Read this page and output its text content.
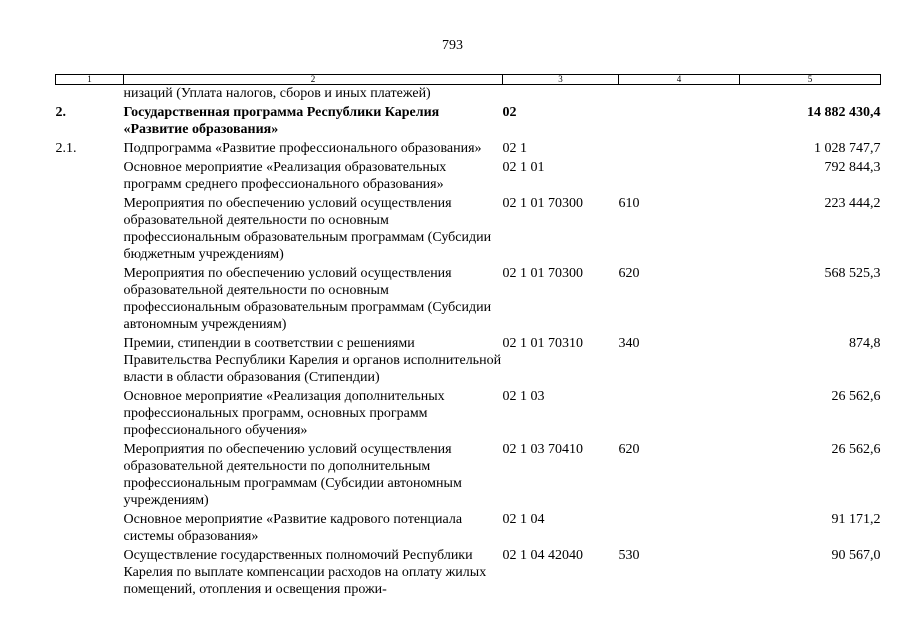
793
1	2	3	4	5
	низаций (Уплата налогов, сборов и иных платежей)			
2.	Государственная программа Республики Карелия «Развитие образования»	02		14 882 430,4
2.1.	Подпрограмма «Развитие профессионального образования»	02 1		1 028 747,7
	Основное мероприятие «Реализация образовательных программ среднего профессионального образования»	02 1 01		792 844,3
	Мероприятия по обеспечению условий осуществления образовательной деятельности по основным профессиональным образовательным программам (Субсидии бюджетным учреждениям)	02 1 01 70300	610	223 444,2
	Мероприятия по обеспечению условий осуществления образовательной деятельности по основным профессиональным образовательным программам (Субсидии автономным учреждениям)	02 1 01 70300	620	568 525,3
	Премии, стипендии в соответствии с решениями Правительства Республики Карелия и органов исполнительной власти в области образования (Стипендии)	02 1 01 70310	340	874,8
	Основное мероприятие «Реализация дополнительных профессиональных программ, основных программ профессионального обучения»	02 1 03		26 562,6
	Мероприятия по обеспечению условий осуществления образовательной деятельности по дополнительным профессиональным программам (Субсидии автономным учреждениям)	02 1 03 70410	620	26 562,6
	Основное мероприятие «Развитие кадрового потенциала системы образования»	02 1 04		91 171,2
	Осуществление государственных полномочий Республики Карелия по выплате компенсации расходов на оплату жилых помещений, отопления и освещения прожи-	02 1 04 42040	530	90 567,0
